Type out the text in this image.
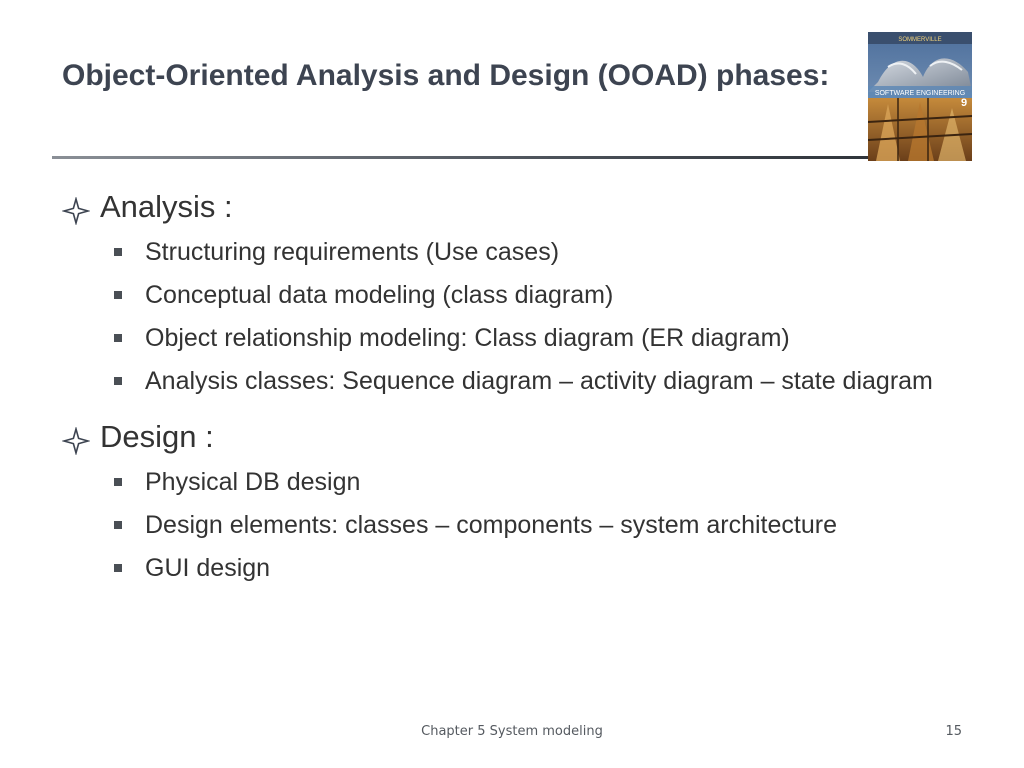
Object-Oriented Analysis and Design (OOAD) phases:
SOMMERVILLE
SOFTWARE ENGINEERING
9
Analysis :
Structuring requirements (Use cases)
Conceptual data modeling (class diagram)
Object relationship modeling: Class diagram (ER diagram)
Analysis classes: Sequence diagram – activity diagram – state diagram
Design :
Physical DB design
Design elements: classes – components – system architecture
GUI design
Chapter 5 System modeling	15
